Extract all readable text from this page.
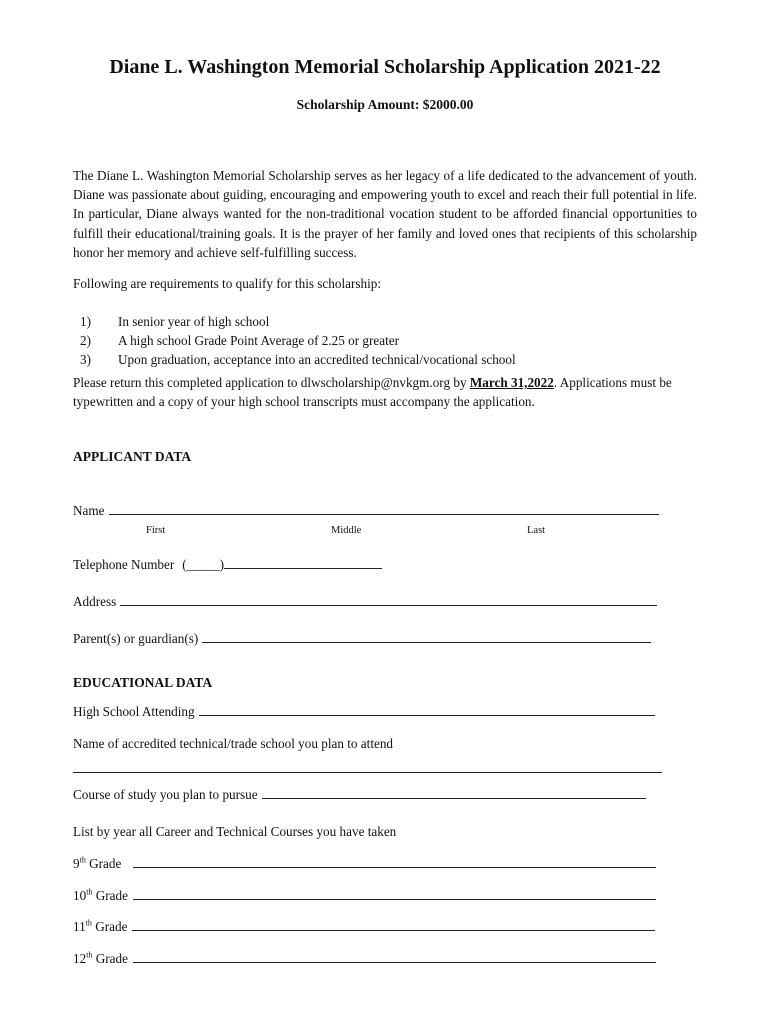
Diane L. Washington Memorial Scholarship Application 2021-22
Scholarship Amount: $2000.00
The Diane L. Washington Memorial Scholarship serves as her legacy of a life dedicated to the advancement of youth. Diane was passionate about guiding, encouraging and empowering youth to excel and reach their full potential in life. In particular, Diane always wanted for the non-traditional vocation student to be afforded financial opportunities to fulfill their educational/training goals. It is the prayer of her family and loved ones that recipients of this scholarship honor her memory and achieve self-fulfilling success.
Following are requirements to qualify for this scholarship:
1) In senior year of high school
2) A high school Grade Point Average of 2.25 or greater
3) Upon graduation, acceptance into an accredited technical/vocational school
Please return this completed application to dlwscholarship@nvkgm.org by March 31,2022. Applications must be typewritten and a copy of your high school transcripts must accompany the application.
APPLICANT DATA
Name
First	Middle	Last
Telephone Number (_____)
Address
Parent(s) or guardian(s)
EDUCATIONAL DATA
High School Attending
Name of accredited technical/trade school you plan to attend
Course of study you plan to pursue
List by year all Career and Technical Courses you have taken
9th Grade
10th Grade
11th Grade
12th Grade
